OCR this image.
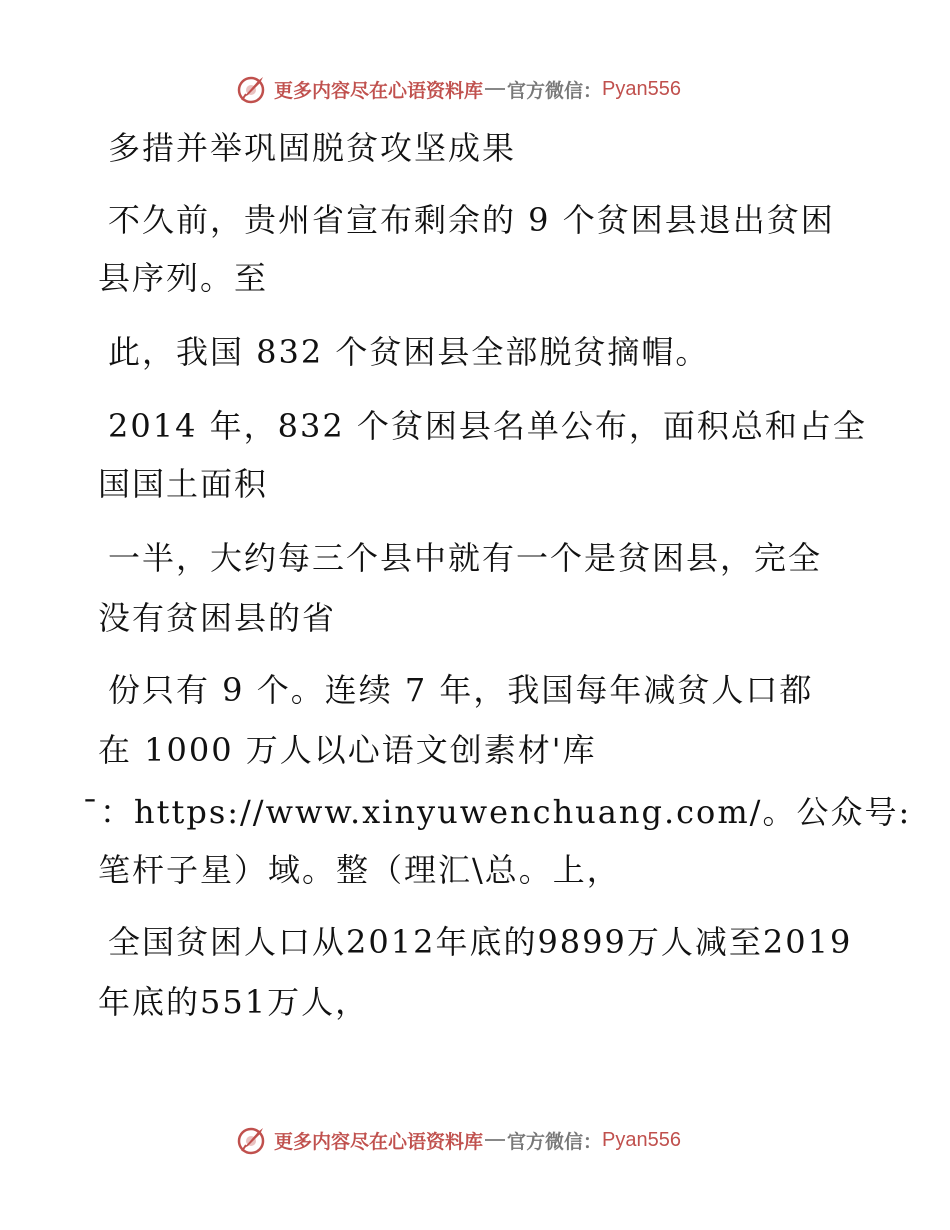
更多内容尽在心语资料库 官方微信： Pyan556
多措并举巩固脱贫攻坚成果
不久前，贵州省宣布剩余的 9 个贫困县退出贫困
县序列。至
此，我国 832 个贫困县全部脱贫摘帽。
2014 年，832 个贫困县名单公布，面积总和占全
国国土面积
一半，大约每三个县中就有一个是贫困县，完全
没有贫困县的省
份只有 9 个。连续 7 年，我国每年减贫人口都
在 1000 万人以心语文创素材'库
̄：https://www.xinyuwenchuang.com/。公众号:
笔杆子星）域。整（理汇\总。上，
全国贫困人口从2012年底的9899万人减至2019
年底的551万人，
更多内容尽在心语资料库 官方微信： Pyan556
